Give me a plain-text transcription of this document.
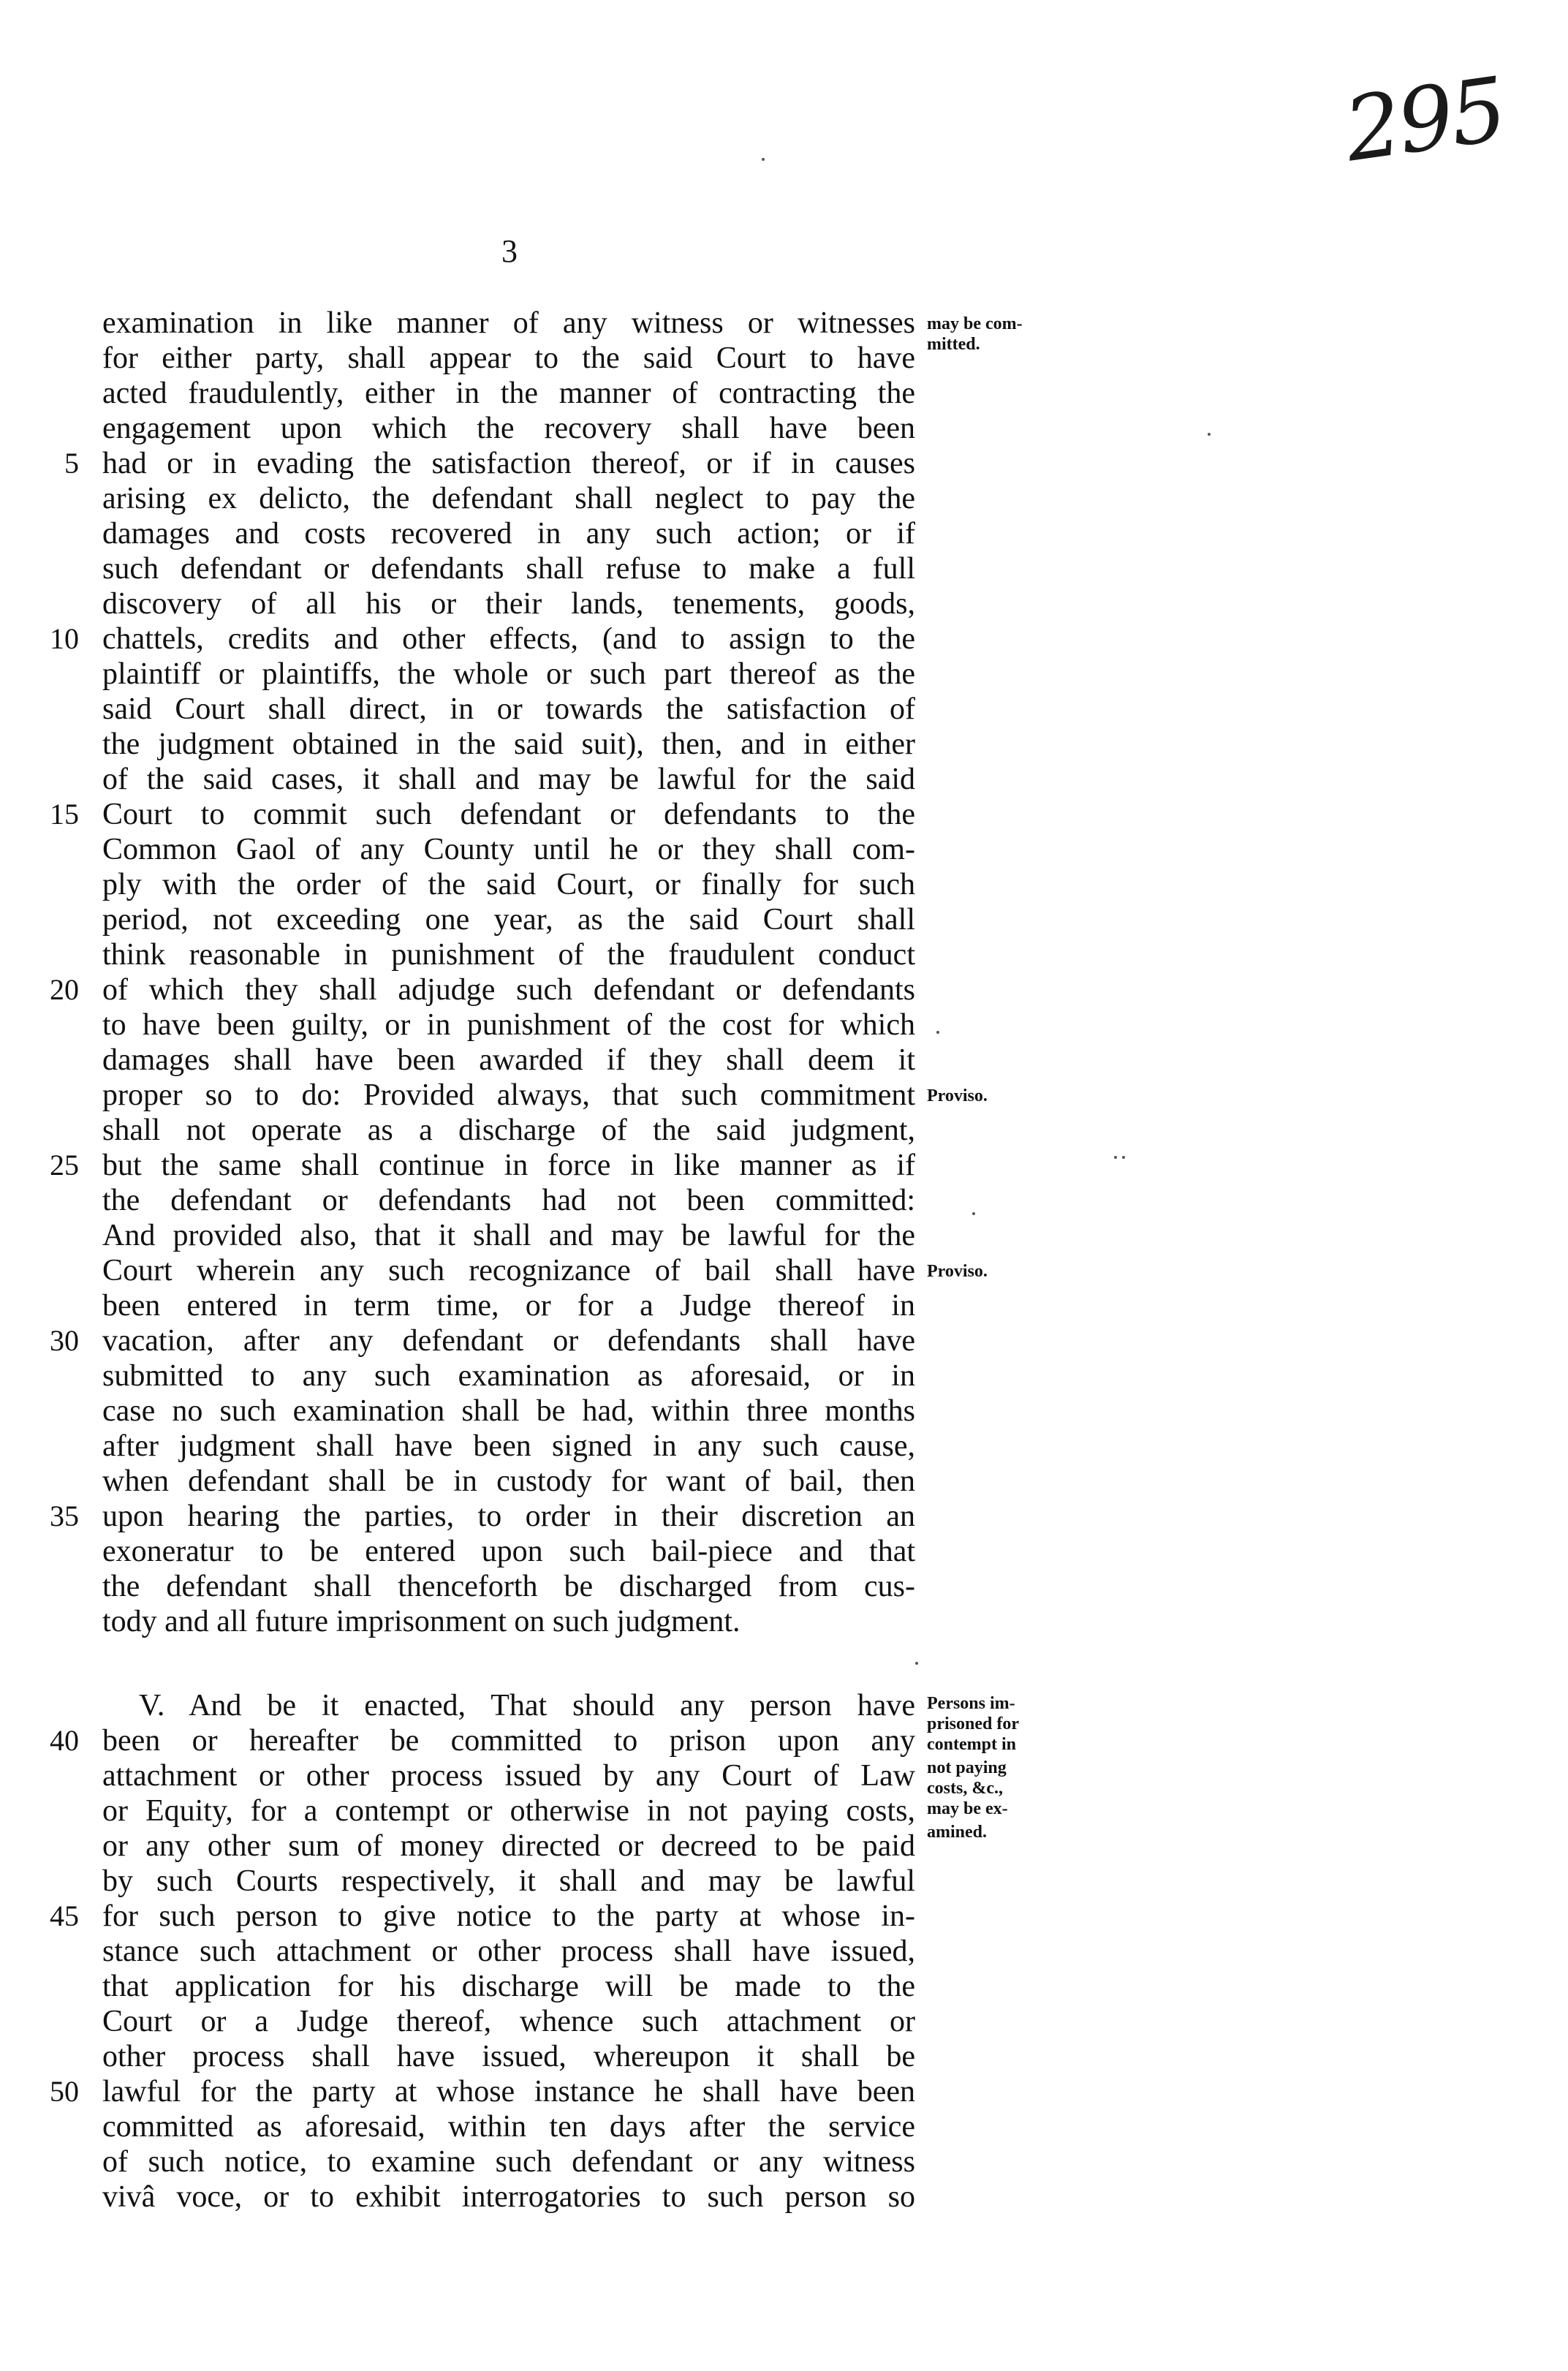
295
3
examination in like manner of any witness or witnesses
for either party, shall appear to the said Court to have
acted fraudulently, either in the manner of contracting the
engagement upon which the recovery shall have been
had or in evading the satisfaction thereof, or if in causes
arising ex delicto, the defendant shall neglect to pay the
damages and costs recovered in any such action; or if
such defendant or defendants shall refuse to make a full
discovery of all his or their lands, tenements, goods,
chattels, credits and other effects, (and to assign to the
plaintiff or plaintiffs, the whole or such part thereof as the
said Court shall direct, in or towards the satisfaction of
the judgment obtained in the said suit), then, and in either
of the said cases, it shall and may be lawful for the said
Court to commit such defendant or defendants to the
Common Gaol of any County until he or they shall com-
ply with the order of the said Court, or finally for such
period, not exceeding one year, as the said Court shall
think reasonable in punishment of the fraudulent conduct
of which they shall adjudge such defendant or defendants
to have been guilty, or in punishment of the cost for which
damages shall have been awarded if they shall deem it
proper so to do: Provided always, that such commitment
shall not operate as a discharge of the said judgment,
but the same shall continue in force in like manner as if
the defendant or defendants had not been committed:
And provided also, that it shall and may be lawful for the
Court wherein any such recognizance of bail shall have
been entered in term time, or for a Judge thereof in
vacation, after any defendant or defendants shall have
submitted to any such examination as aforesaid, or in
case no such examination shall be had, within three months
after judgment shall have been signed in any such cause,
when defendant shall be in custody for want of bail, then
upon hearing the parties, to order in their discretion an
exoneratur to be entered upon such bail-piece and that
the defendant shall thenceforth be discharged from cus-
tody and all future imprisonment on such judgment.
V. And be it enacted, That should any person have
been or hereafter be committed to prison upon any
attachment or other process issued by any Court of Law
or Equity, for a contempt or otherwise in not paying costs,
or any other sum of money directed or decreed to be paid
by such Courts respectively, it shall and may be lawful
for such person to give notice to the party at whose in-
stance such attachment or other process shall have issued,
that application for his discharge will be made to the
Court or a Judge thereof, whence such attachment or
other process shall have issued, whereupon it shall be
lawful for the party at whose instance he shall have been
committed as aforesaid, within ten days after the service
of such notice, to examine such defendant or any witness
vivâ voce, or to exhibit interrogatories to such person so
5
10
15
20
25
30
35
40
45
50
may be com-
mitted.
Proviso.
Proviso.
Persons im-
prisoned for
contempt in
not paying
costs, &c.,
may be ex-
amined.
